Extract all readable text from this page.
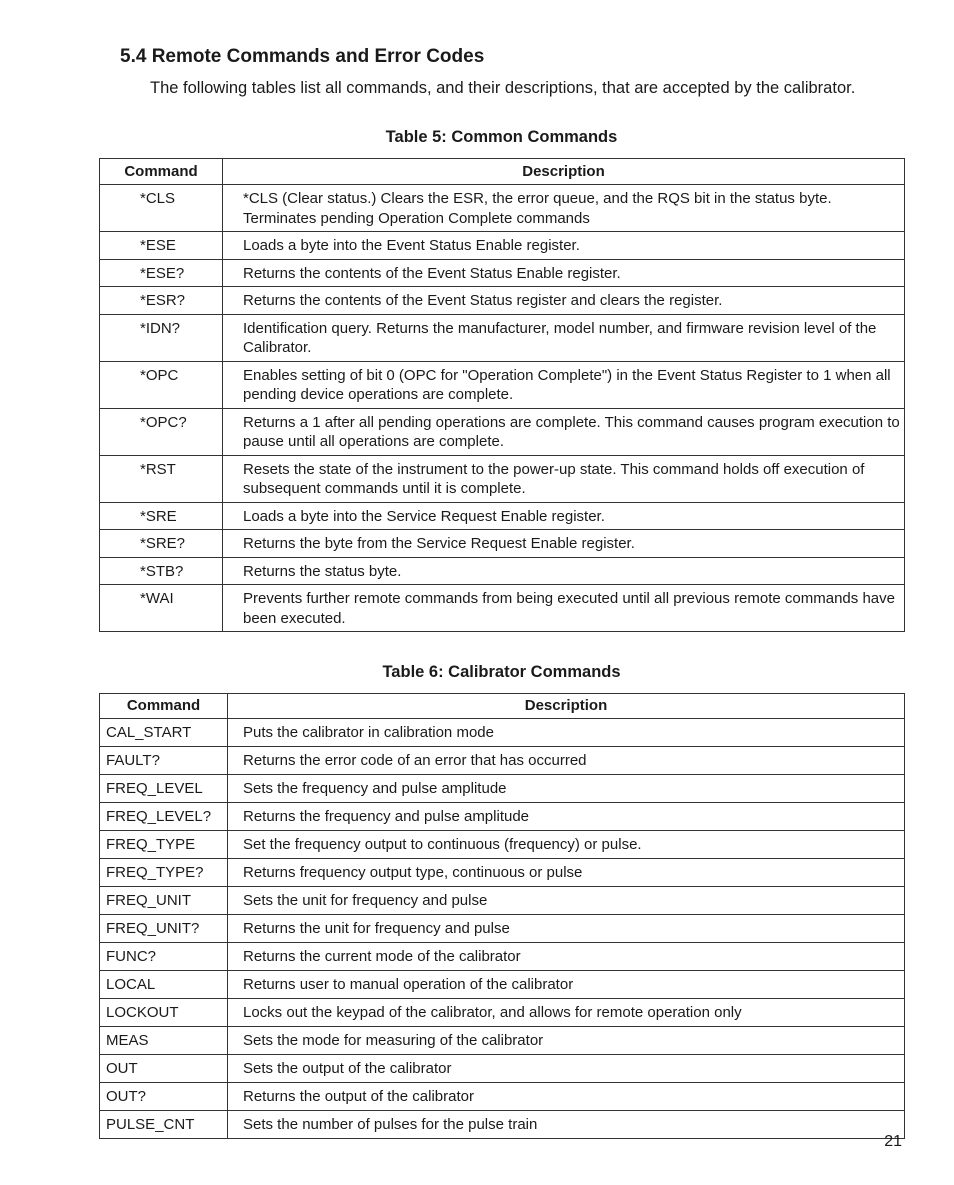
5.4 Remote Commands and Error Codes

The following tables list all commands, and their descriptions, that are accepted by the calibrator.

Table 5: Common Commands
Command	Description
*CLS	*CLS (Clear status.) Clears the ESR, the error queue, and the RQS bit in the status byte. Terminates pending Operation Complete commands
*ESE	Loads a byte into the Event Status Enable register.
*ESE?	Returns the contents of the Event Status Enable register.
*ESR?	Returns the contents of the Event Status register and clears the register.
*IDN?	Identification query. Returns the manufacturer, model number, and firmware revision level of the Calibrator.
*OPC	Enables setting of bit 0 (OPC for "Operation Complete") in the Event Status Register to 1 when all pending device operations are complete.
*OPC?	Returns a 1 after all pending operations are complete. This command causes program execution to pause until all operations are complete.
*RST	Resets the state of the instrument to the power-up state. This command holds off execution of subsequent commands until it is complete.
*SRE	Loads a byte into the Service Request Enable register.
*SRE?	Returns the byte from the Service Request Enable register.
*STB?	Returns the status byte.
*WAI	Prevents further remote commands from being executed until all previous remote commands have been executed.
Table 6: Calibrator Commands
Command	Description
CAL_START	Puts the calibrator in calibration mode
FAULT?	Returns the error code of an error that has occurred
FREQ_LEVEL	Sets the frequency and pulse amplitude
FREQ_LEVEL?	Returns the frequency and pulse amplitude
FREQ_TYPE	Set the frequency output to continuous (frequency) or pulse.
FREQ_TYPE?	Returns frequency output type, continuous or pulse
FREQ_UNIT	Sets the unit for frequency and pulse
FREQ_UNIT?	Returns the unit for frequency and pulse
FUNC?	Returns the current mode of the calibrator
LOCAL	Returns user to manual operation of the calibrator
LOCKOUT	Locks out the keypad of the calibrator, and allows for remote operation only
MEAS	Sets the mode for measuring of the calibrator
OUT	Sets the output of the calibrator
OUT?	Returns the output of the calibrator
PULSE_CNT	Sets the number of pulses for the pulse train
21
